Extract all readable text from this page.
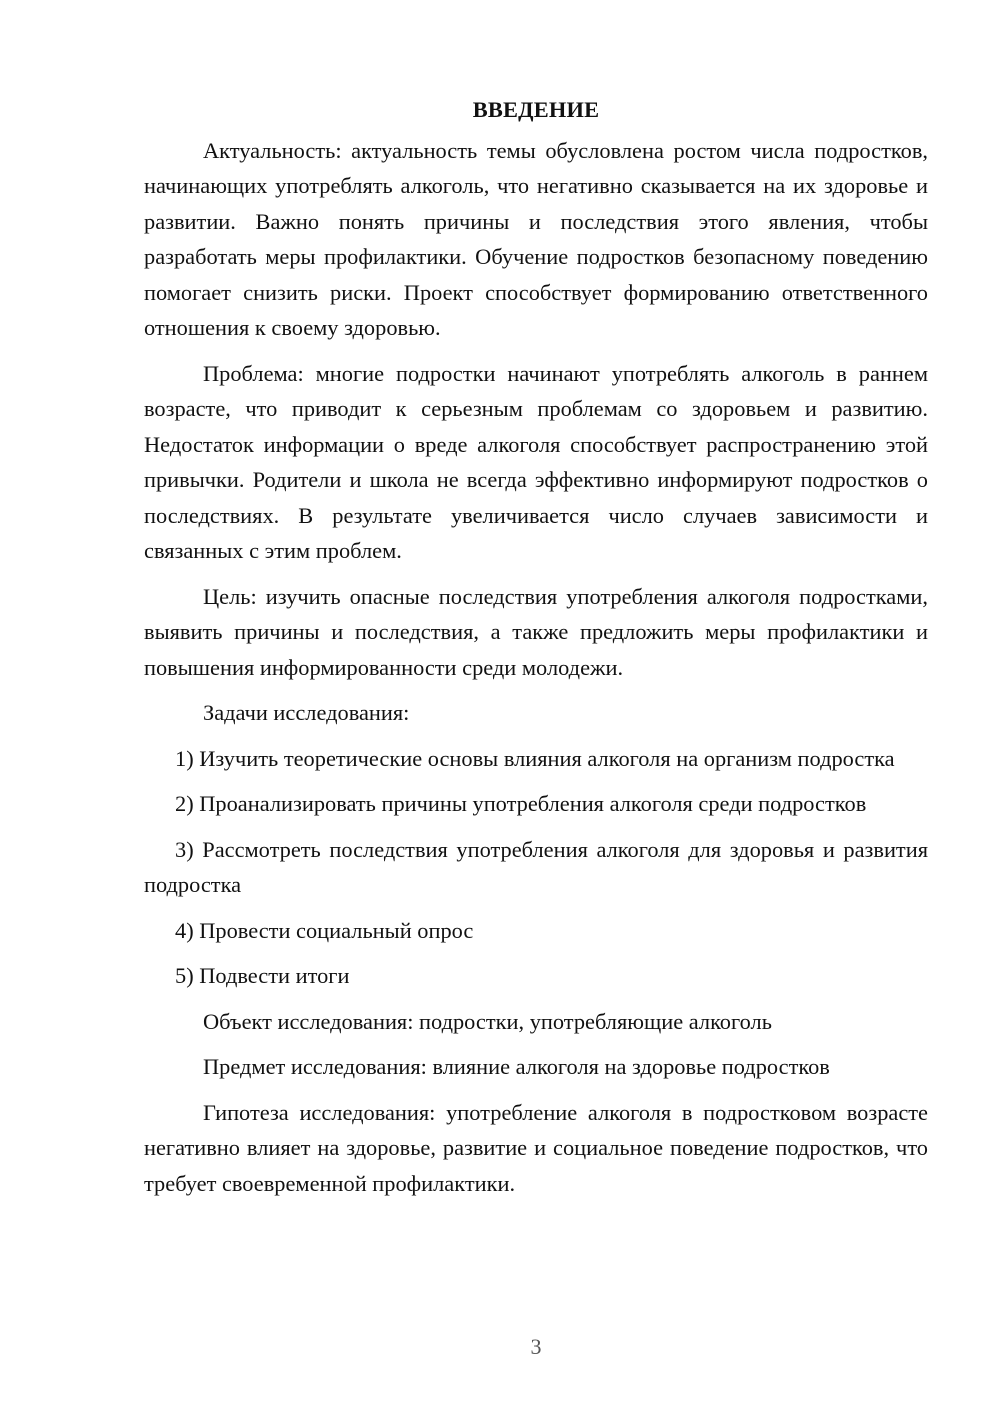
ВВЕДЕНИЕ

Актуальность: актуальность темы обусловлена ростом числа подростков, начинающих употреблять алкоголь, что негативно сказывается на их здоровье и развитии. Важно понять причины и последствия этого явления, чтобы разработать меры профилактики. Обучение подростков безопасному поведению помогает снизить риски. Проект способствует формированию ответственного отношения к своему здоровью.

Проблема: многие подростки начинают употреблять алкоголь в раннем возрасте, что приводит к серьезным проблемам со здоровьем и развитию. Недостаток информации о вреде алкоголя способствует распространению этой привычки. Родители и школа не всегда эффективно информируют подростков о последствиях. В результате увеличивается число случаев зависимости и связанных с этим проблем.

Цель: изучить опасные последствия употребления алкоголя подростками, выявить причины и последствия, а также предложить меры профилактики и повышения информированности среди молодежи.

Задачи исследования:

1) Изучить теоретические основы влияния алкоголя на организм подростка

2) Проанализировать причины употребления алкоголя среди подростков

3) Рассмотреть последствия употребления алкоголя для здоровья и развития подростка

4) Провести социальный опрос

5) Подвести итоги

Объект исследования: подростки, употребляющие алкоголь

Предмет исследования: влияние алкоголя на здоровье подростков

Гипотеза исследования: употребление алкоголя в подростковом возрасте негативно влияет на здоровье, развитие и социальное поведение подростков, что требует своевременной профилактики.

3
